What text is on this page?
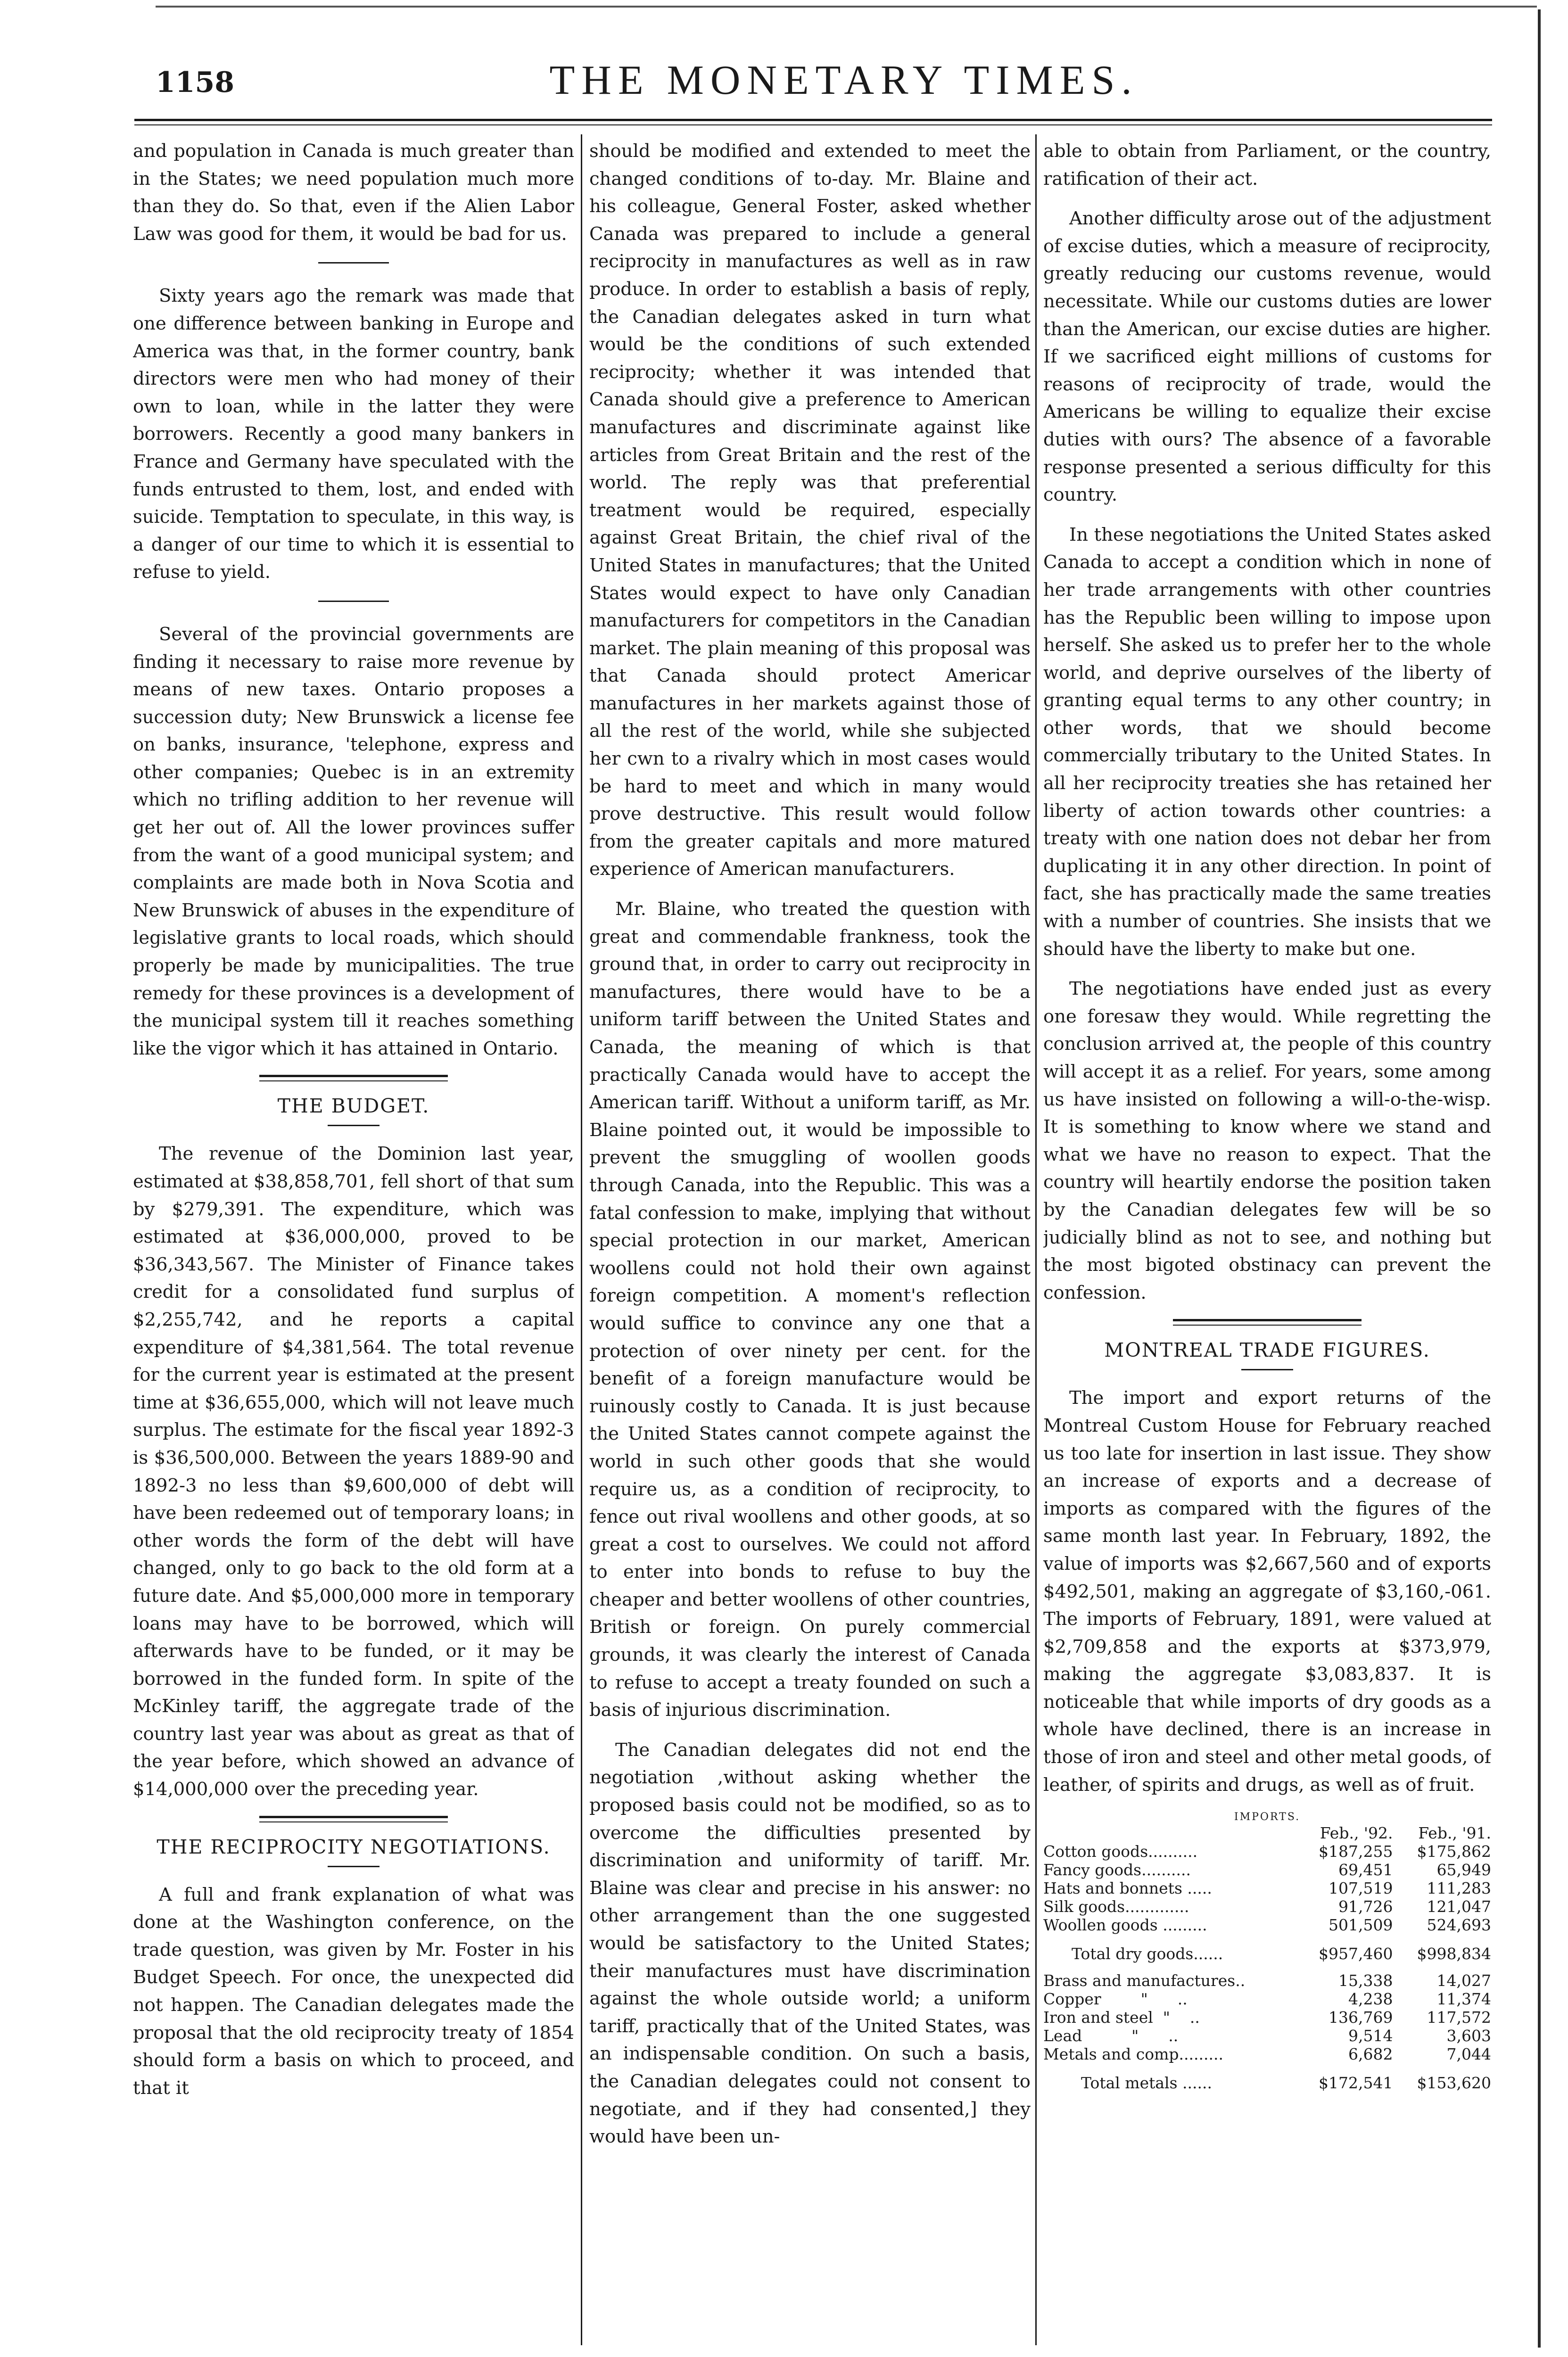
1158	THE MONETARY TIMES.

and population in Canada is much greater than in the States; we need population much more than they do. So that, even if the Alien Labor Law was good for them, it would be bad for us.

Sixty years ago the remark was made that one difference between banking in Europe and America was that, in the former country, bank directors were men who had money of their own to loan, while in the latter they were borrowers. Recently a good many bankers in France and Germany have speculated with the funds entrusted to them, lost, and ended with suicide. Temptation to speculate, in this way, is a danger of our time to which it is essential to refuse to yield.

Several of the provincial governments are finding it necessary to raise more revenue by means of new taxes. Ontario proposes a succession duty; New Brunswick a license fee on banks, insurance, 'telephone, express and other companies; Quebec is in an extremity which no trifling addition to her revenue will get her out of. All the lower provinces suffer from the want of a good municipal system; and complaints are made both in Nova Scotia and New Brunswick of abuses in the expenditure of legislative grants to local roads, which should properly be made by municipalities. The true remedy for these provinces is a development of the municipal system till it reaches something like the vigor which it has attained in Ontario.

THE BUDGET.

The revenue of the Dominion last year, estimated at $38,858,701, fell short of that sum by $279,391. The expenditure, which was estimated at $36,000,000, proved to be $36,343,567. The Minister of Finance takes credit for a consolidated fund surplus of $2,255,742, and he reports a capital expenditure of $4,381,564. The total revenue for the current year is estimated at the present time at $36,655,000, which will not leave much surplus. The estimate for the fiscal year 1892-3 is $36,500,000. Between the years 1889-90 and 1892-3 no less than $9,600,000 of debt will have been redeemed out of temporary loans; in other words the form of the debt will have changed, only to go back to the old form at a future date. And $5,000,000 more in temporary loans may have to be borrowed, which will afterwards have to be funded, or it may be borrowed in the funded form. In spite of the McKinley tariff, the aggregate trade of the country last year was about as great as that of the year before, which showed an advance of $14,000,000 over the preceding year.

THE RECIPROCITY NEGOTIATIONS.

A full and frank explanation of what was done at the Washington conference, on the trade question, was given by Mr. Foster in his Budget Speech. For once, the unexpected did not happen. The Canadian delegates made the proposal that the old reciprocity treaty of 1854 should form a basis on which to proceed, and that it

should be modified and extended to meet the changed conditions of to-day. Mr. Blaine and his colleague, General Foster, asked whether Canada was prepared to include a general reciprocity in manufactures as well as in raw produce. In order to establish a basis of reply, the Canadian delegates asked in turn what would be the conditions of such extended reciprocity; whether it was intended that Canada should give a preference to American manufactures and discriminate against like articles from Great Britain and the rest of the world. The reply was that preferential treatment would be required, especially against Great Britain, the chief rival of the United States in manufactures; that the United States would expect to have only Canadian manufacturers for competitors in the Canadian market. The plain meaning of this proposal was that Canada should protect Americar manufactures in her markets against those of all the rest of the world, while she subjected her cwn to a rivalry which in most cases would be hard to meet and which in many would prove destructive. This result would follow from the greater capitals and more matured experience of American manufacturers.

Mr. Blaine, who treated the question with great and commendable frankness, took the ground that, in order to carry out reciprocity in manufactures, there would have to be a uniform tariff between the United States and Canada, the meaning of which is that practically Canada would have to accept the American tariff. Without a uniform tariff, as Mr. Blaine pointed out, it would be impossible to prevent the smuggling of woollen goods through Canada, into the Republic. This was a fatal confession to make, implying that without special protection in our market, American woollens could not hold their own against foreign competition. A moment's reflection would suffice to convince any one that a protection of over ninety per cent. for the benefit of a foreign manufacture would be ruinously costly to Canada. It is just because the United States cannot compete against the world in such other goods that she would require us, as a condition of reciprocity, to fence out rival woollens and other goods, at so great a cost to ourselves. We could not afford to enter into bonds to refuse to buy the cheaper and better woollens of other countries, British or foreign. On purely commercial grounds, it was clearly the interest of Canada to refuse to accept a treaty founded on such a basis of injurious discrimination.

The Canadian delegates did not end the negotiation ,without asking whether the proposed basis could not be modified, so as to overcome the difficulties presented by discrimination and uniformity of tariff. Mr. Blaine was clear and precise in his answer: no other arrangement than the one suggested would be satisfactory to the United States; their manufactures must have discrimination against the whole outside world; a uniform tariff, practically that of the United States, was an indispensable condition. On such a basis, the Canadian delegates could not consent to negotiate, and if they had consented,] they would have been un-

able to obtain from Parliament, or the country, ratification of their act.

Another difficulty arose out of the adjustment of excise duties, which a measure of reciprocity, greatly reducing our customs revenue, would necessitate. While our customs duties are lower than the American, our excise duties are higher. If we sacrificed eight millions of customs for reasons of reciprocity of trade, would the Americans be willing to equalize their excise duties with ours? The absence of a favorable response presented a serious difficulty for this country.

In these negotiations the United States asked Canada to accept a condition which in none of her trade arrangements with other countries has the Republic been willing to impose upon herself. She asked us to prefer her to the whole world, and deprive ourselves of the liberty of granting equal terms to any other country; in other words, that we should become commercially tributary to the United States. In all her reciprocity treaties she has retained her liberty of action towards other countries: a treaty with one nation does not debar her from duplicating it in any other direction. In point of fact, she has practically made the same treaties with a number of countries. She insists that we should have the liberty to make but one.

The negotiations have ended just as every one foresaw they would. While regretting the conclusion arrived at, the people of this country will accept it as a relief. For years, some among us have insisted on following a will-o-the-wisp. It is something to know where we stand and what we have no reason to expect. That the country will heartily endorse the position taken by the Canadian delegates few will be so judicially blind as not to see, and nothing but the most bigoted obstinacy can prevent the confession.

MONTREAL TRADE FIGURES.

The import and export returns of the Montreal Custom House for February reached us too late for insertion in last issue. They show an increase of exports and a decrease of imports as compared with the figures of the same month last year. In February, 1892, the value of imports was $2,667,560 and of exports $492,501, making an aggregate of $3,160,-061. The imports of February, 1891, were valued at $2,709,858 and the exports at $373,979, making the aggregate $3,083,837. It is noticeable that while imports of dry goods as a whole have declined, there is an increase in those of iron and steel and other metal goods, of leather, of spirits and drugs, as well as of fruit.

IMPORTS.
	Feb., '92.	Feb., '91.
Cotton goods..........	$187,255	$175,862
Fancy goods..........	69,451	65,949
Hats and bonnets .....	107,519	111,283
Silk goods.............	91,726	121,047
Woollen goods .........	501,509	524,693
Total dry goods......	$957,460	$998,834
Brass and manufactures..	15,338	14,027
Copper        "      ..	4,238	11,374
Iron and steel  "    ..	136,769	117,572
Lead          "      ..	9,514	3,603
Metals and comp.........	6,682	7,044
Total metals ......	$172,541	$153,620
